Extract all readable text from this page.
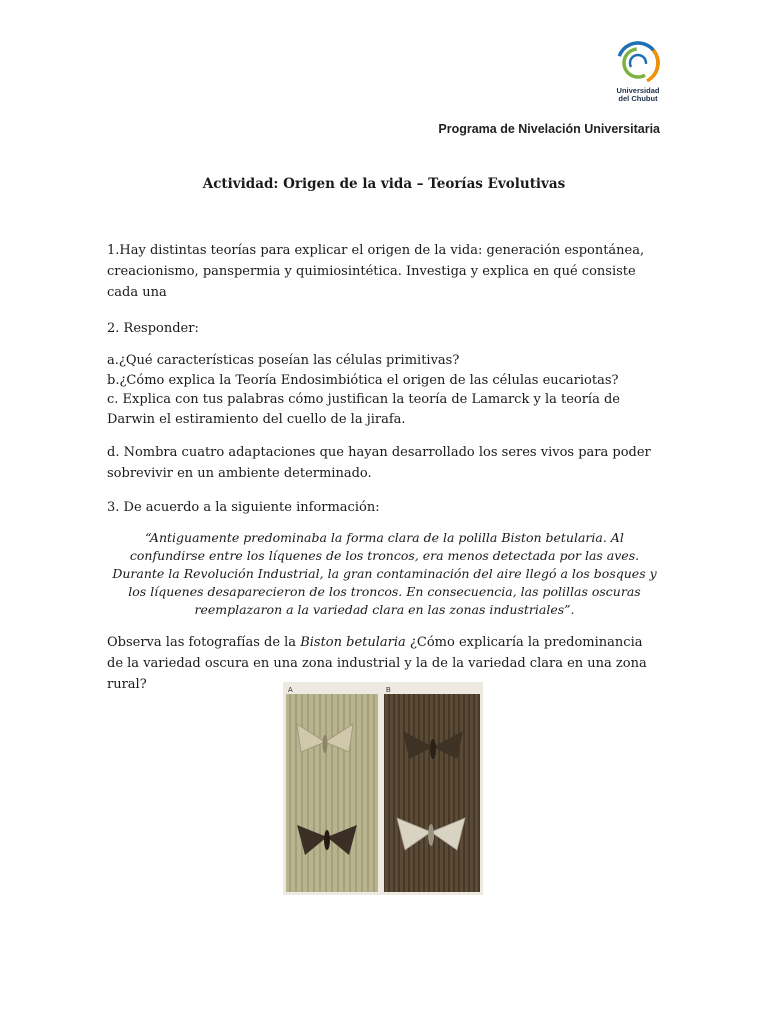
Universidad
del Chubut
Programa de Nivelación Universitaria
Actividad: Origen de la vida – Teorías Evolutivas
1.Hay distintas teorías para explicar el origen de la vida: generación espontánea, creacionismo, panspermia y quimiosintética. Investiga y explica en qué consiste cada una
2. Responder:
a.¿Qué características poseían las células primitivas?
b.¿Cómo explica la Teoría Endosimbiótica el origen de las células eucariotas?
c. Explica con tus palabras cómo justifican la teoría de Lamarck y la teoría de Darwin el estiramiento del cuello de la jirafa.
d. Nombra cuatro adaptaciones que hayan desarrollado los seres vivos para poder sobrevivir en un ambiente determinado.
3. De acuerdo a la siguiente información:
“Antiguamente predominaba la forma clara de la polilla Biston betularia. Al confundirse entre los líquenes de los troncos, era menos detectada por las aves. Durante la Revolución Industrial, la gran contaminación del aire llegó a los bosques y los líquenes desaparecieron de los troncos. En consecuencia, las polillas oscuras reemplazaron a la variedad clara en las zonas industriales”.
Observa las fotografías de la Biston betularia ¿Cómo explicaría la predominancia de la variedad oscura en una zona industrial y la de la variedad clara en una zona rural?	A	B
